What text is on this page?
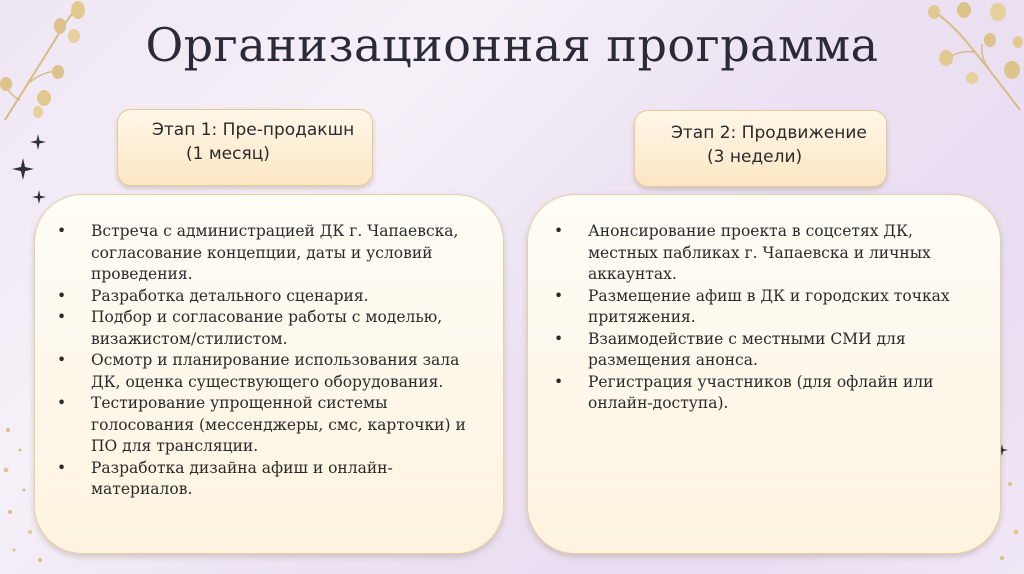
Организационная программа
Этап 1: Пре-продакшн
(1 месяц)
Этап 2: Продвижение
(3 недели)
• Встреча с администрацией ДК г. Чапаевска, согласование концепции, даты и условий проведения.
• Разработка детального сценария.
• Подбор и согласование работы с моделью, визажистом/стилистом.
• Осмотр и планирование использования зала ДК, оценка существующего оборудования.
• Тестирование упрощенной системы голосования (мессенджеры, смс, карточки) и ПО для трансляции.
• Разработка дизайна афиш и онлайн-материалов.
• Анонсирование проекта в соцсетях ДК, местных пабликах г. Чапаевска и личных аккаунтах.
• Размещение афиш в ДК и городских точках притяжения.
• Взаимодействие с местными СМИ для размещения анонса.
• Регистрация участников (для офлайн или онлайн-доступа).
